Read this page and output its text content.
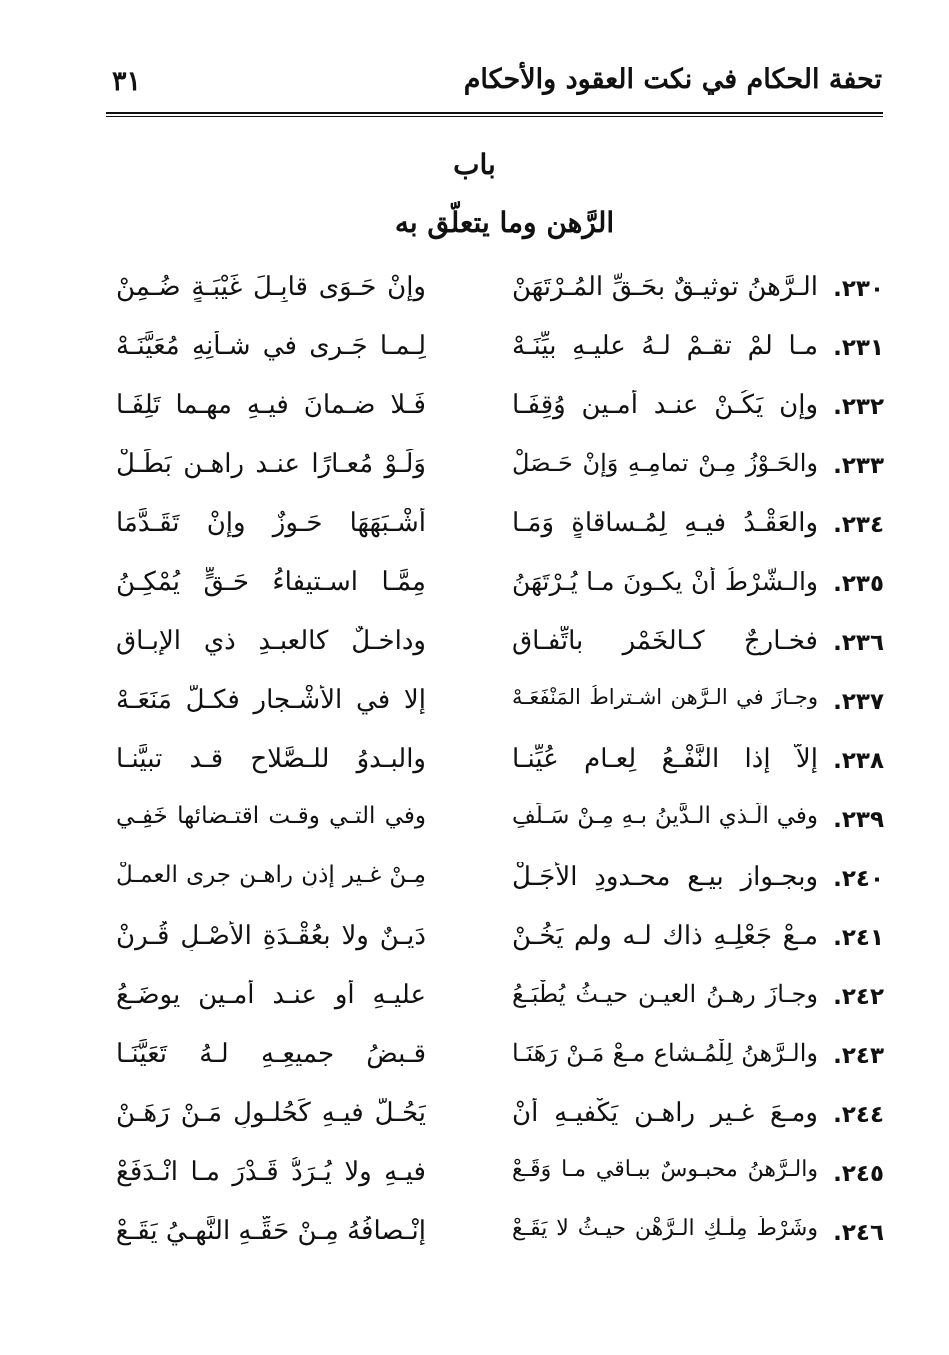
تحفة الحكام في نكت العقود والأحكام
٣١
باب
الرَّهن وما يتعلّق به
٢٣٠.
الـرَّهنُ توثيـقٌ بحَـقِّ المُـرْتَهَنْ
وإنْ حَـوَى قابِـلَ غَيْبَـةٍ ضُـمِنْ
٢٣١.
مـا لمْ تقـمْ لـهُ عليـهِ بيِّنَـهْ
لِـمـا جَـرى في شـأنِهِ مُعَيَّنَـهْ
٢٣٢.
وإن يَكُـنْ عنـد أمـينٍ وُقِفَـا
فَـلا ضـمانَ فيـهِ مهـما تَلِفَـا
٢٣٣.
والحَـوْزُ مِـنْ تمامِـهِ وَإنْ حَـصَلْ
وَلَـوْ مُعـارًا عنـد راهـنٍ بَطَـلْ
٢٣٤.
والعَقْـدُ فيـهِ لِمُـساقاةٍ وَمَـا
أَشْـبَهَهَا حَـوزٌ وإنْ تَقَـدَّمَا
٢٣٥.
والـشَّرْطُ أَنْ يكـونَ مـا يُـرْتَهَنُ
مِمَّـا اسـتيفاءُ حَـقٍّ يُمْكِـنُ
٢٣٦.
فخـارجٌ كـالخَمْرِ باتِّفـاقِ
وداخـلٌ كالعبـدِ ذي الإبـاقِ
٢٣٧.
وجـازَ في الـرَّهنِ اشـتراطُ المَنْفَعَـهْ
إلا في الأَشْـجارِ فكـلٌّ مَنَعَـهْ
٢٣٨.
إلاَّ إذا النَّفْـعُ لِعـامٍ عُيِّنـا
والبـدوُ للـصَّلاحِ قـد تبيَّنـا
٢٣٩.
وفي الَّـذي الـدَّينُ بـهِ مِـنْ سَـلَفِ
وفي التـي وقـت اقتـضائها خَفِـي
٢٤٠.
وبجـوازِ بيـعِ محـدودِ الأَجَـلْ
مِـنْ غـيرِ إذنِ راهـنٍ جرى العمـلْ
٢٤١.
مـعْ جَعْلِـهِ ذاك لـه ولم يَخُـنْ
دَيـنٌ ولا بعُقْـدَةِ الأَصْـلِ قُـرِنْ
٢٤٢.
وجـازَ رهـنُ العيـنِ حيـثُ يُطْبَـعُ
عليـهِ أو عنـد أمـينٍ يوضَـعُ
٢٤٣.
والـرَّهنُ لِلْمُـشاعِ مـعْ مَـنْ رَهَنَـا
قـبضُ جميعِـهِ لـهُ تَعَيَّنَـا
٢٤٤.
ومـعَ غـيرِ راهـنٍ يَكْفيـهِ أَنْ
يَحُـلَّ فيـهِ كَحُلـولِ مَـنْ رَهَـنْ
٢٤٥.
والـرَّهنُ محبـوسٌ ببـاقي مـا وَقَـعْ
فيـهِ ولا يُـرَدُّ قَـدْرَ مـا انْـدَفَعْ
٢٤٦.
وشَرْطُ مِلْـكِ الـرَّهْنِ حيـثُ لا يَقَـعْ
إنْـصافُهُ مِـنْ حَقِّـهِ النَّهـيُ يَقَـعْ
